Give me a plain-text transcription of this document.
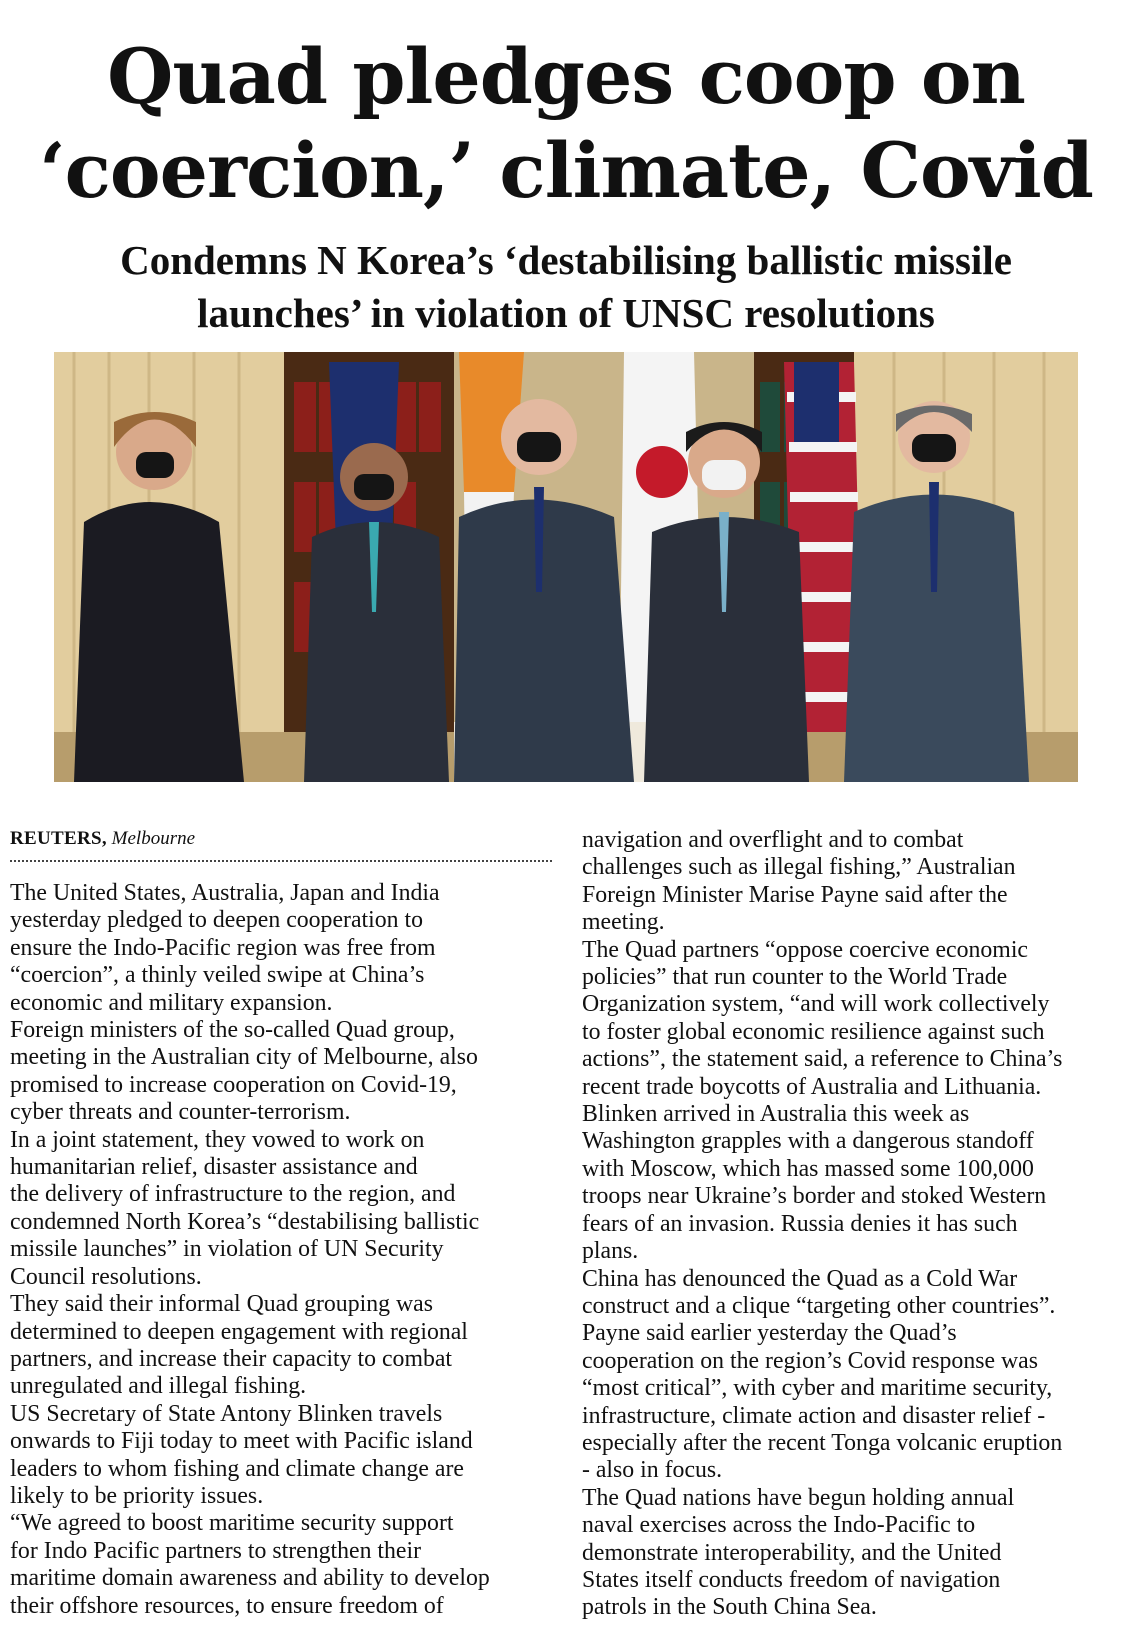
Quad pledges coop on
‘coercion,’ climate, Covid
Condemns N Korea’s ‘destabilising ballistic missile
launches’ in violation of UNSC resolutions
REUTERS, Melbourne

The United States, Australia, Japan and India

yesterday pledged to deepen cooperation to

ensure the Indo-Pacific region was free from

“coercion”, a thinly veiled swipe at China’s

economic and military expansion.

Foreign ministers of the so-called Quad group,

meeting in the Australian city of Melbourne, also

promised to increase cooperation on Covid-19,

cyber threats and counter-terrorism.

In a joint statement, they vowed to work on

humanitarian relief, disaster assistance and

the delivery of infrastructure to the region, and

condemned North Korea’s “destabilising ballistic

missile launches” in violation of UN Security

Council resolutions.

They said their informal Quad grouping was

determined to deepen engagement with regional

partners, and increase their capacity to combat

unregulated and illegal fishing.

US Secretary of State Antony Blinken travels

onwards to Fiji today to meet with Pacific island

leaders to whom fishing and climate change are

likely to be priority issues.

“We agreed to boost maritime security support

for Indo Pacific partners to strengthen their

maritime domain awareness and ability to develop

their offshore resources, to ensure freedom of

navigation and overflight and to combat

challenges such as illegal fishing,” Australian

Foreign Minister Marise Payne said after the

meeting.

The Quad partners “oppose coercive economic

policies” that run counter to the World Trade

Organization system, “and will work collectively

to foster global economic resilience against such

actions”, the statement said, a reference to China’s

recent trade boycotts of Australia and Lithuania.

Blinken arrived in Australia this week as

Washington grapples with a dangerous standoff

with Moscow, which has massed some 100,000

troops near Ukraine’s border and stoked Western

fears of an invasion. Russia denies it has such

plans.

China has denounced the Quad as a Cold War

construct and a clique “targeting other countries”.

Payne said earlier yesterday the Quad’s

cooperation on the region’s Covid response was

“most critical”, with cyber and maritime security,

infrastructure, climate action and disaster relief -

especially after the recent Tonga volcanic eruption

- also in focus.

The Quad nations have begun holding annual

naval exercises across the Indo-Pacific to

demonstrate interoperability, and the United

States itself conducts freedom of navigation

patrols in the South China Sea.
